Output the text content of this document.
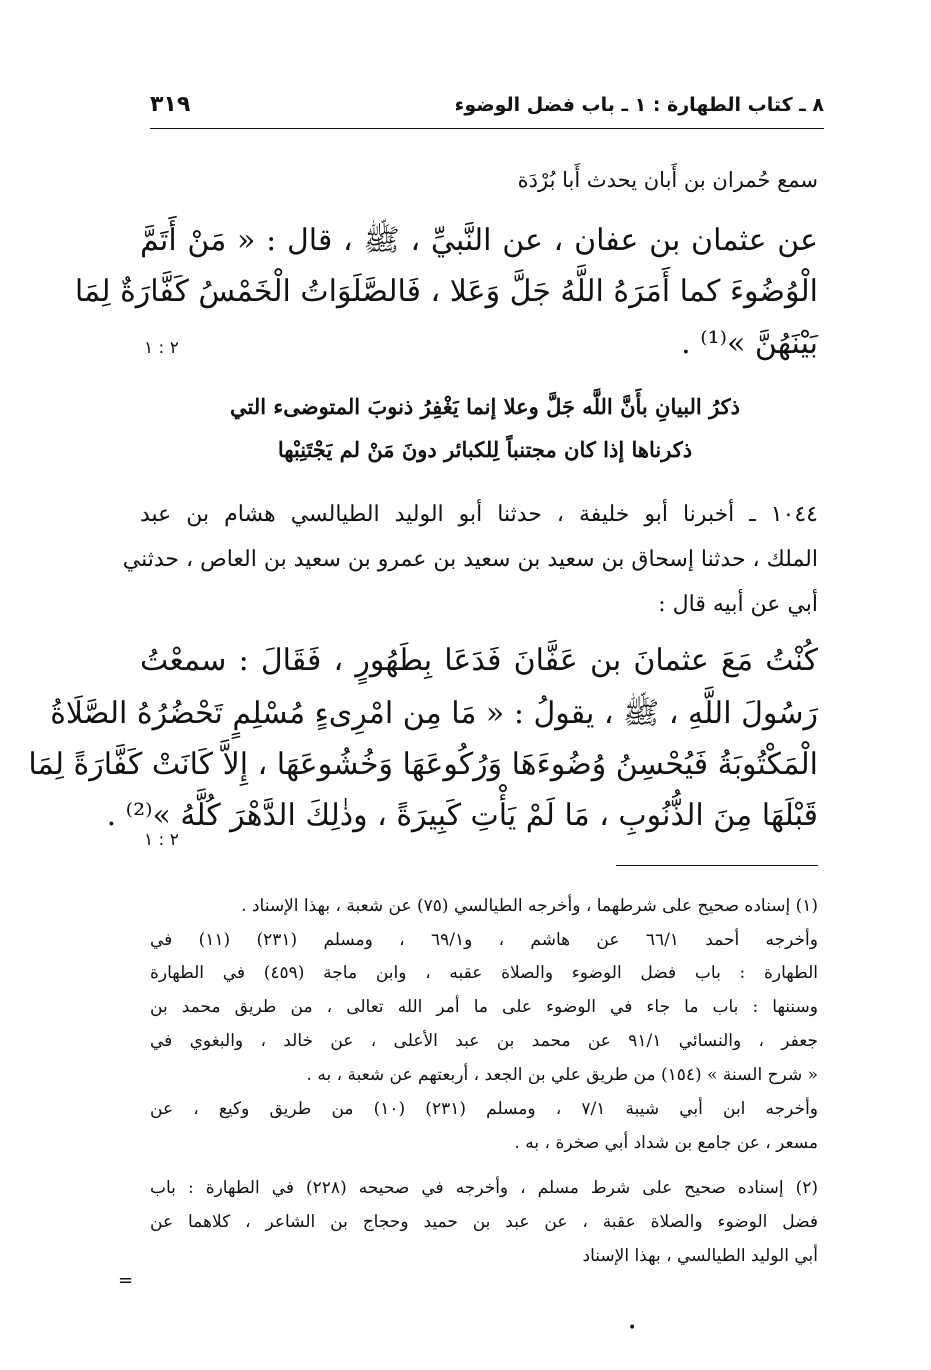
٨ ـ كتاب الطهارة : ١ ـ باب فضل الوضوء
٣١٩
سمع حُمران بن أَبان يحدث أَبا بُرْدَة
عن عثمان بن عفان ، عن النَّبيِّ ، ﷺ ، قال : « مَنْ أَتَمَّ
الْوُضُوءَ كما أَمَرَهُ اللَّهُ جَلَّ وَعَلا ، فَالصَّلَوَاتُ الْخَمْسُ كَفَّارَةٌ لِمَا
بَيْنَهُنَّ »⁽¹⁾ .
ذكرُ البيانِ بأَنَّ اللَّه جَلَّ وعلا إنما يَغْفِرُ ذنوبَ المتوضىء التي
ذكرناها إذا كان مجتنباً لِلكبائر دونَ مَنْ لم يَجْتَنِبْها
١٠٤٤ ـ أخبرنا أبو خليفة ، حدثنا أبو الوليد الطيالسي هشام بن عبد
الملك ، حدثنا إسحاق بن سعيد بن سعيد بن عمرو بن سعيد بن العاص ، حدثني
أبي عن أبيه قال :
كُنْتُ مَعَ عثمانَ بن عَفَّانَ فَدَعَا بِطَهُورٍ ، فَقَالَ : سمعْتُ
رَسُولَ اللَّهِ ، ﷺ ، يقولُ : « مَا مِن امْرِىءٍ مُسْلِمٍ تَحْضُرُهُ الصَّلَاةُ
الْمَكْتُوبَةُ فَيُحْسِنُ وُضُوءَهَا وَرُكُوعَهَا وَخُشُوعَهَا ، إِلاَّ كَانَتْ كَفَّارَةً لِمَا
قَبْلَهَا مِنَ الذُّنُوبِ ، مَا لَمْ يَأْتِ كَبِيرَةً ، وذٰلِكَ الدَّهْرَ كُلَّهُ »⁽²⁾ .
(١) إسناده صحيح على شرطهما ، وأخرجه الطيالسي (٧٥) عن شعبة ، بهذا الإسناد .
وأخرجه أحمد ٦٦/١ عن هاشم ، و٦٩/١ ، ومسلم (٢٣١) (١١) في
الطهارة : باب فضل الوضوء والصلاة عقبه ، وابن ماجة (٤٥٩) في الطهارة
وسننها : باب ما جاء في الوضوء على ما أمر الله تعالى ، من طريق محمد بن
جعفر ، والنسائي ٩١/١ عن محمد بن عبد الأعلى ، عن خالد ، والبغوي في
« شرح السنة » (١٥٤) من طريق علي بن الجعد ، أربعتهم عن شعبة ، به .
وأخرجه ابن أبي شيبة ٧/١ ، ومسلم (٢٣١) (١٠) من طريق وكيع ، عن
مسعر ، عن جامع بن شداد أبي صخرة ، به .
(٢) إسناده صحيح على شرط مسلم ، وأخرجه في صحيحه (٢٢٨) في الطهارة : باب
فضل الوضوء والصلاة عقبة ، عن عبد بن حميد وحجاج بن الشاعر ، كلاهما عن
أبي الوليد الطيالسي ، بهذا الإسناد
٢ : ١
٢ : ١
=
•
